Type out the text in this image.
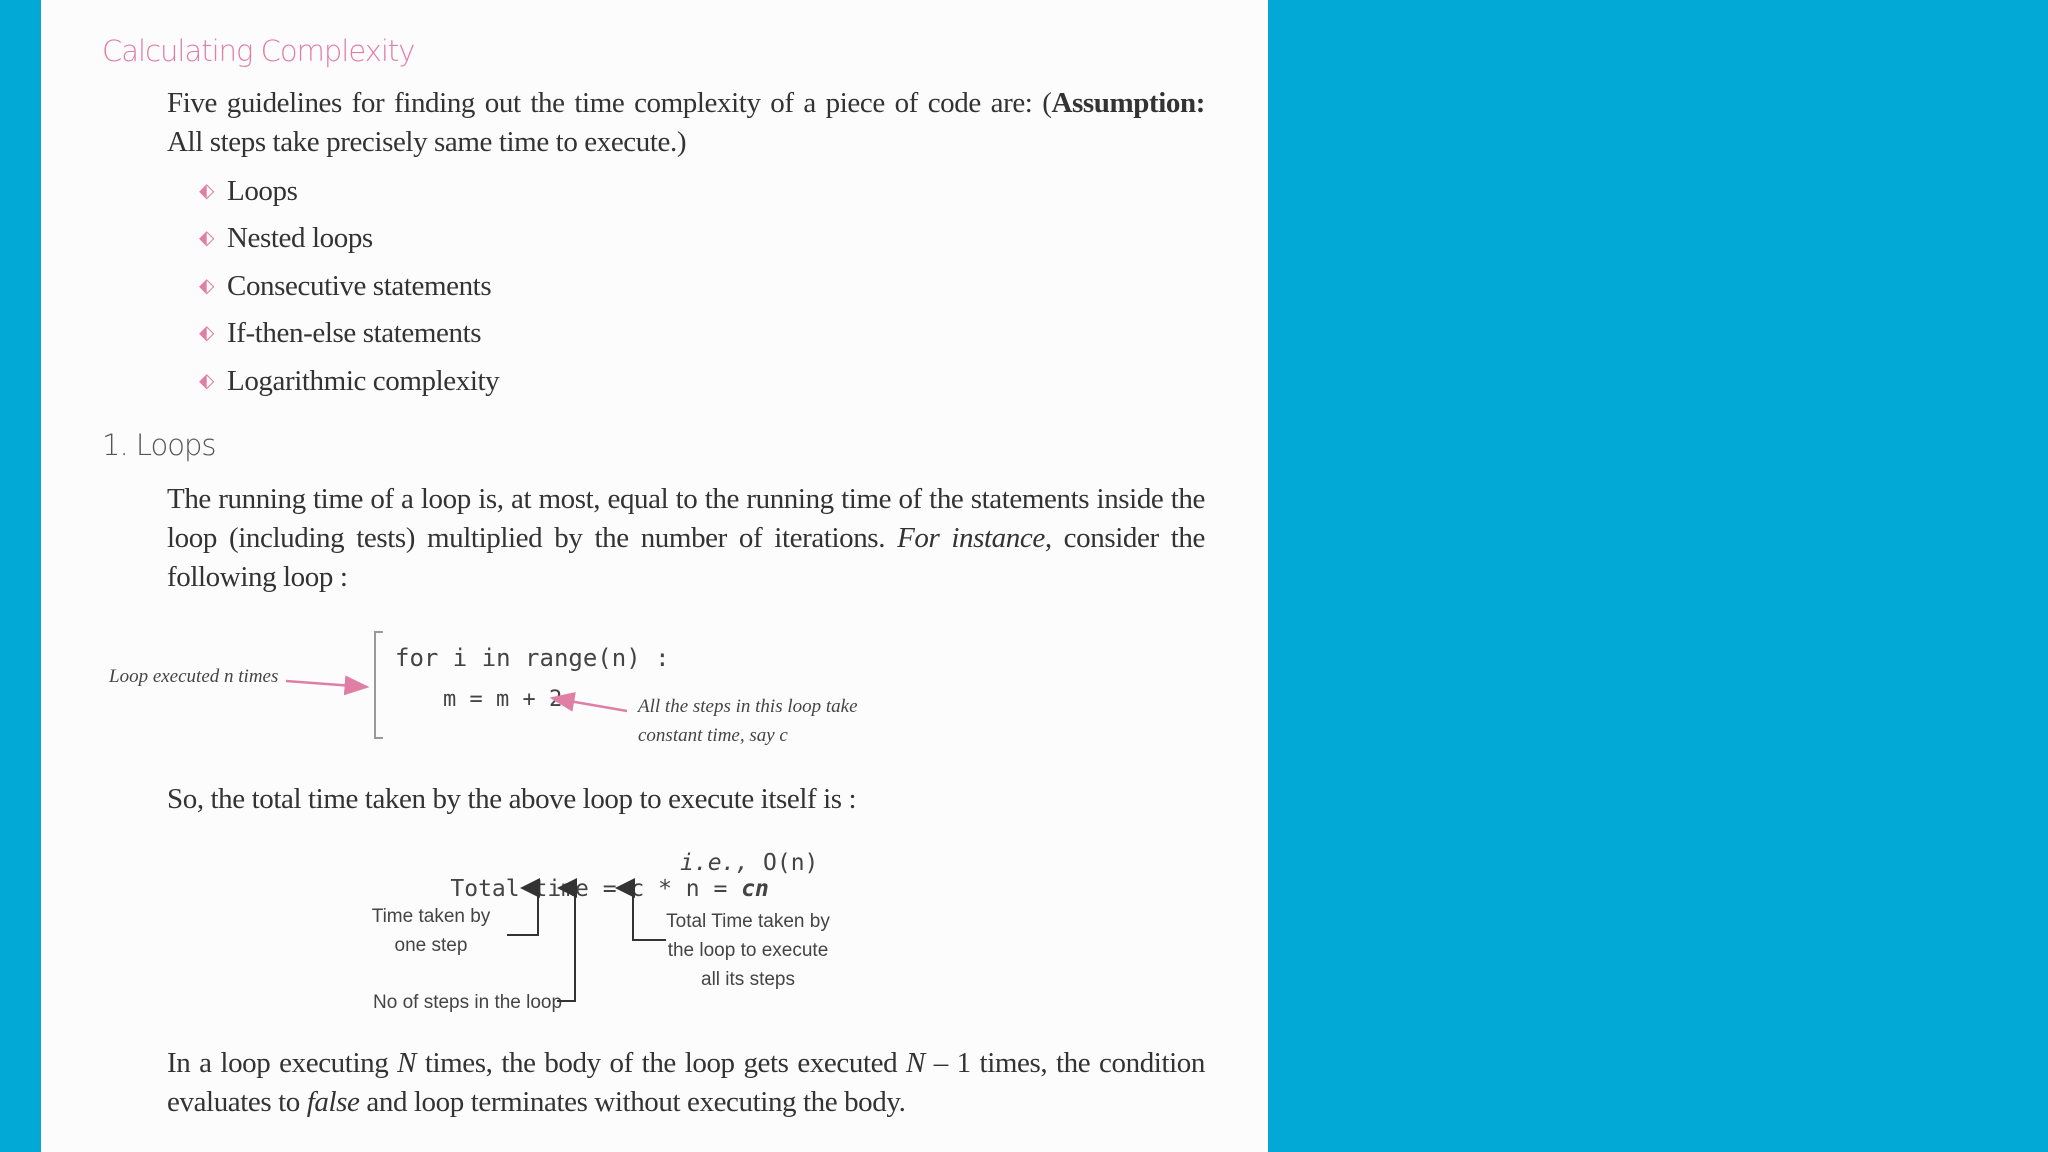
Calculating Complexity
Five guidelines for finding out the time complexity of a piece of code are: (Assumption: All steps take precisely same time to execute.)
⬖ Loops
⬖ Nested loops
⬖ Consecutive statements
⬖ If-then-else statements
⬖ Logarithmic complexity
1. Loops
The running time of a loop is, at most, equal to the running time of the statements inside the loop (including tests) multiplied by the number of iterations. For instance, consider the following loop :
Loop executed n times
for i in range(n) :
m = m + 2	All the steps in this loop take
constant time, say c
So, the total time taken by the above loop to execute itself is :

Total time = c * n = cn

i.e., O(n)
Time taken by
one step
No of steps in the loop
Total Time taken by
the loop to execute
all its steps
In a loop executing N times, the body of the loop gets executed N – 1 times, the condition evaluates to false and loop terminates without executing the body.
